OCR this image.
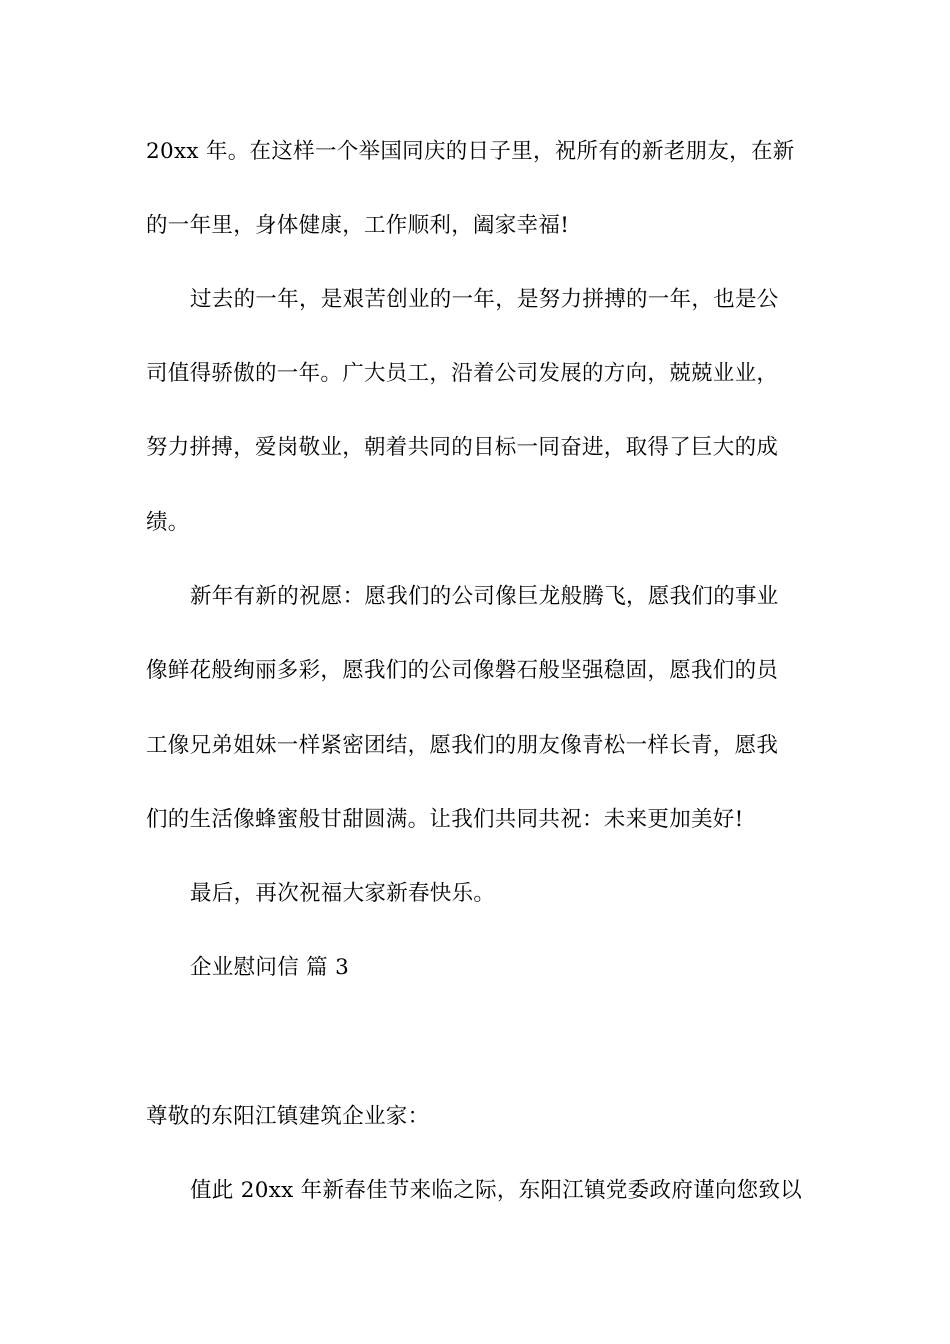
20xx 年。在这样一个举国同庆的日子里，祝所有的新老朋友，在新
的一年里，身体健康，工作顺利，阖家幸福!
过去的一年，是艰苦创业的一年，是努力拼搏的一年，也是公
司值得骄傲的一年。广大员工，沿着公司发展的方向，兢兢业业，
努力拼搏，爱岗敬业，朝着共同的目标一同奋进，取得了巨大的成
绩。
新年有新的祝愿：愿我们的公司像巨龙般腾飞，愿我们的事业
像鲜花般绚丽多彩，愿我们的公司像磐石般坚强稳固，愿我们的员
工像兄弟姐妹一样紧密团结，愿我们的朋友像青松一样长青，愿我
们的生活像蜂蜜般甘甜圆满。让我们共同共祝：未来更加美好!
最后，再次祝福大家新春快乐。
企业慰问信 篇 3
尊敬的东阳江镇建筑企业家：
值此 20xx 年新春佳节来临之际，东阳江镇党委政府谨向您致以
